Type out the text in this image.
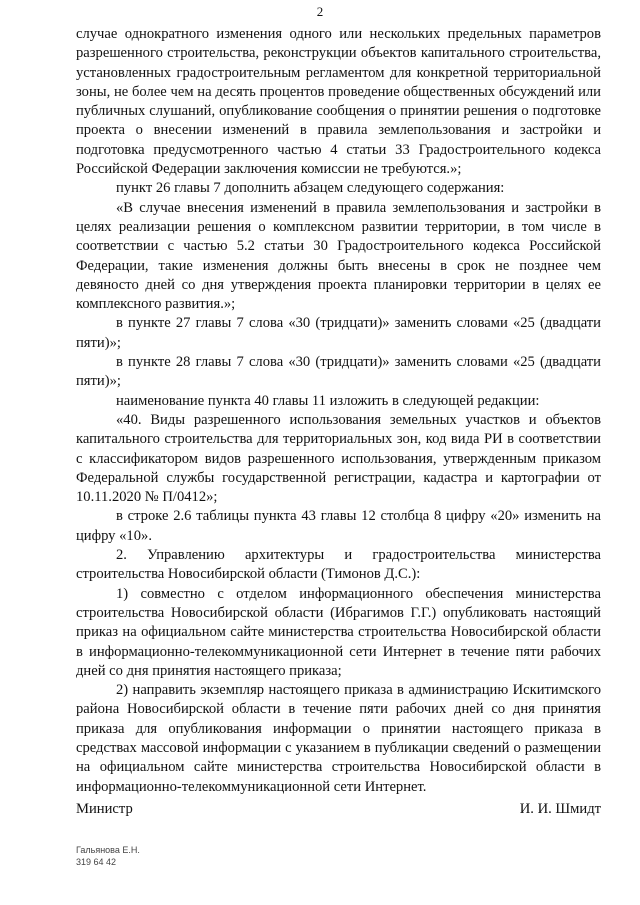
2

случае однократного изменения одного или нескольких предельных параметров разрешенного строительства, реконструкции объектов капитального строительства, установленных градостроительным регламентом для конкретной территориальной зоны, не более чем на десять процентов проведение общественных обсуждений или публичных слушаний, опубликование сообщения о принятии решения о подготовке проекта о внесении изменений в правила землепользования и застройки и подготовка предусмотренного частью 4 статьи 33 Градостроительного кодекса Российской Федерации заключения комиссии не требуются.»;

пункт 26 главы 7 дополнить абзацем следующего содержания:

«В случае внесения изменений в правила землепользования и застройки в целях реализации решения о комплексном развитии территории, в том числе в соответствии с частью 5.2 статьи 30 Градостроительного кодекса Российской Федерации, такие изменения должны быть внесены в срок не позднее чем девяносто дней со дня утверждения проекта планировки территории в целях ее комплексного развития.»;

в пункте 27 главы 7 слова «30 (тридцати)» заменить словами «25 (двадцати пяти)»;

в пункте 28 главы 7 слова «30 (тридцати)» заменить словами «25 (двадцати пяти)»;

наименование пункта 40 главы 11 изложить в следующей редакции:

«40. Виды разрешенного использования земельных участков и объектов капитального строительства для территориальных зон, код вида РИ в соответствии с классификатором видов разрешенного использования, утвержденным приказом Федеральной службы государственной регистрации, кадастра и картографии от 10.11.2020 № П/0412»;

в строке 2.6 таблицы пункта 43 главы 12 столбца 8 цифру «20» изменить на цифру «10».

2. Управлению архитектуры и градостроительства министерства строительства Новосибирской области (Тимонов Д.С.):

1) совместно с отделом информационного обеспечения министерства строительства Новосибирской области (Ибрагимов Г.Г.) опубликовать настоящий приказ на официальном сайте министерства строительства Новосибирской области в информационно-телекоммуникационной сети Интернет в течение пяти рабочих дней со дня принятия настоящего приказа;

2) направить экземпляр настоящего приказа в администрацию Искитимского района Новосибирской области в течение пяти рабочих дней со дня принятия приказа для опубликования информации о принятии настоящего приказа в средствах массовой информации с указанием в публикации сведений о размещении на официальном сайте министерства строительства Новосибирской области в информационно-телекоммуникационной сети Интернет.

Министр	И. И. Шмидт
Гальянова Е.Н.
319 64 42
